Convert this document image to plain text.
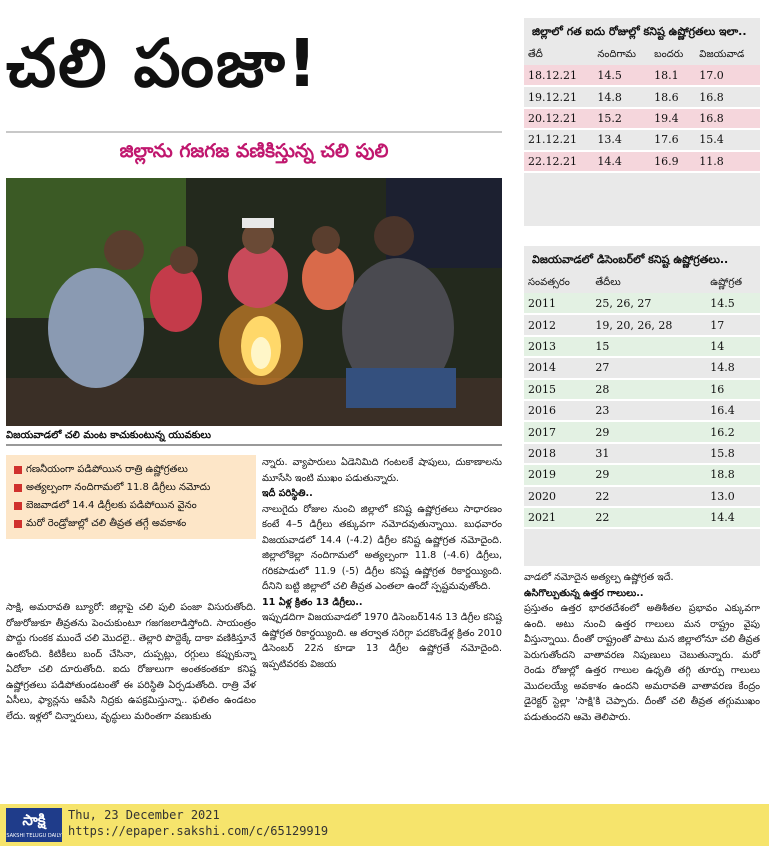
చలి పంజా!
జిల్లాను గజగజ వణికిస్తున్న చలి పులి
విజయవాడలో చలి మంట కాచుకుంటున్న యువకులు
గణనీయంగా పడిపోయిన రాత్రి ఉష్ణోగ్రతలు
అత్యల్పంగా నందిగామలో 11.8 డిగ్రీలు నమోదు
బెజవాడలో 14.4 డిగ్రీలకు పడిపోయిన వైనం
మరో రెండ్రోజుల్లో చలి తీవ్రత తగ్గే అవకాశం
సాక్షి, అమరావతి బ్యూరో: జిల్లాపై చలి పులి పంజా విసురుతోంది. రోజురోజుకూ తీవ్రతను పెంచుకుంటూ గజగజలాడిస్తోంది. సాయంత్రం పొద్దు గుంకక ముందే చలి మొదలై.. తెల్లారి పొద్దెక్కే దాకా వణికిస్తూనే ఉంటోంది. కిటికీలు బంద్ చేసినా, దుప్పట్లు, రగ్గులు కప్పుకున్నా ఏదోలా చలి దూరుతోంది. ఐదు రోజులుగా అంతకంతకూ కనిష్ట ఉష్ణోగ్రతలు పడిపోతుండటంతో ఈ పరిస్థితి ఏర్పడుతోంది. రాత్రి వేళ ఏసీలు, ఫ్యాన్లను ఆపేసి నిద్రకు ఉపక్రమిస్తున్నా.. ఫలితం ఉండటం లేదు. ఇళ్లలో చిన్నారులు, వృద్ధులు మరింతగా వణుకుతు

న్నారు. వ్యాపారులు ఏడెనిమిది గంటలకే షాపులు, దుకాణాలను మూసేసి ఇంటి ముఖం పడుతున్నారు.

ఇదీ పరిస్థితి..

నాలుగైదు రోజుల నుంచి జిల్లాలో కనిష్ట ఉష్ణోగ్రతలు సాధారణం కంటే 4–5 డిగ్రీలు తక్కువగా నమోదవుతున్నాయి. బుధవారం విజయవాడలో 14.4 (-4.2) డిగ్రీల కనిష్ట ఉష్ణోగ్రత నమోదైంది. జిల్లాలోకెల్లా నందిగామలో అత్యల్పంగా 11.8 (-4.6) డిగ్రీలు, గరికపాడులో 11.9 (-5) డిగ్రీల కనిష్ట ఉష్ణోగ్రత రికార్డయ్యింది. దీనిని బట్టి జిల్లాలో చలి తీవ్రత ఎంతలా ఉందో స్పష్టమవుతోంది.

11 ఏళ్ల క్రితం 13 డిగ్రీలు..

ఇప్పుడదిగా విజయవాడలో 1970 డిసెంబర్14న 13 డిగ్రీల కనిష్ట ఉష్ణోగ్రత రికార్డయ్యింది. ఆ తర్వాత సరిగ్గా పదకొండేళ్ల క్రితం 2010 డిసెంబర్ 22న కూడా 13 డిగ్రీల ఉష్ణోగ్రతే నమోదైంది. ఇప్పటివరకు విజయ

వాడలో నమోదైన అత్యల్ప ఉష్ణోగ్రత ఇదే.

ఉసిగొల్పుతున్న ఉత్తర గాలులు..

ప్రస్తుతం ఉత్తర భారతదేశంలో అతిశీతల ప్రభావం ఎక్కువగా ఉంది. అటు నుంచి ఉత్తర గాలులు మన రాష్ట్రం వైపు వీస్తున్నాయి. దీంతో రాష్ట్రంతో పాటు మన జిల్లాలోనూ చలి తీవ్రత పెరుగుతోందని వాతావరణ నిపుణులు చెబుతున్నారు. మరో రెండు రోజుల్లో ఉత్తర గాలుల ఉధృతి తగ్గి తూర్పు గాలులు మొదలయ్యే అవకాశం ఉందని అమరావతి వాతావరణ కేంద్రం డైరెక్టర్ స్టెల్లా 'సాక్షి'కి చెప్పారు. దీంతో చలి తీవ్రత తగ్గుముఖం పడుతుందని ఆమె తెలిపారు.

జిల్లాలో గత ఐదు రోజుల్లో కనిష్ట ఉష్ణోగ్రతలు ఇలా..
తేదీ	నందిగామ	బందరు	విజయవాడ
18.12.21	14.5	18.1	17.0
19.12.21	14.8	18.6	16.8
20.12.21	15.2	19.4	16.8
21.12.21	13.4	17.6	15.4
22.12.21	14.4	16.9	11.8
విజయవాడలో డిసెంబర్‌లో కనిష్ట ఉష్ణోగ్రతలు..
సంవత్సరం	తేదీలు	ఉష్ణోగ్రత
2011	25, 26, 27	14.5
2012	19, 20, 26, 28	17
2013	15	14
2014	27	14.8
2015	28	16
2016	23	16.4
2017	29	16.2
2018	31	15.8
2019	29	18.8
2020	22	13.0
2021	22	14.4
సాక్షి
SAKSHI TELUGU DAILY
Thu, 23 December 2021
https://epaper.sakshi.com/c/65129919
